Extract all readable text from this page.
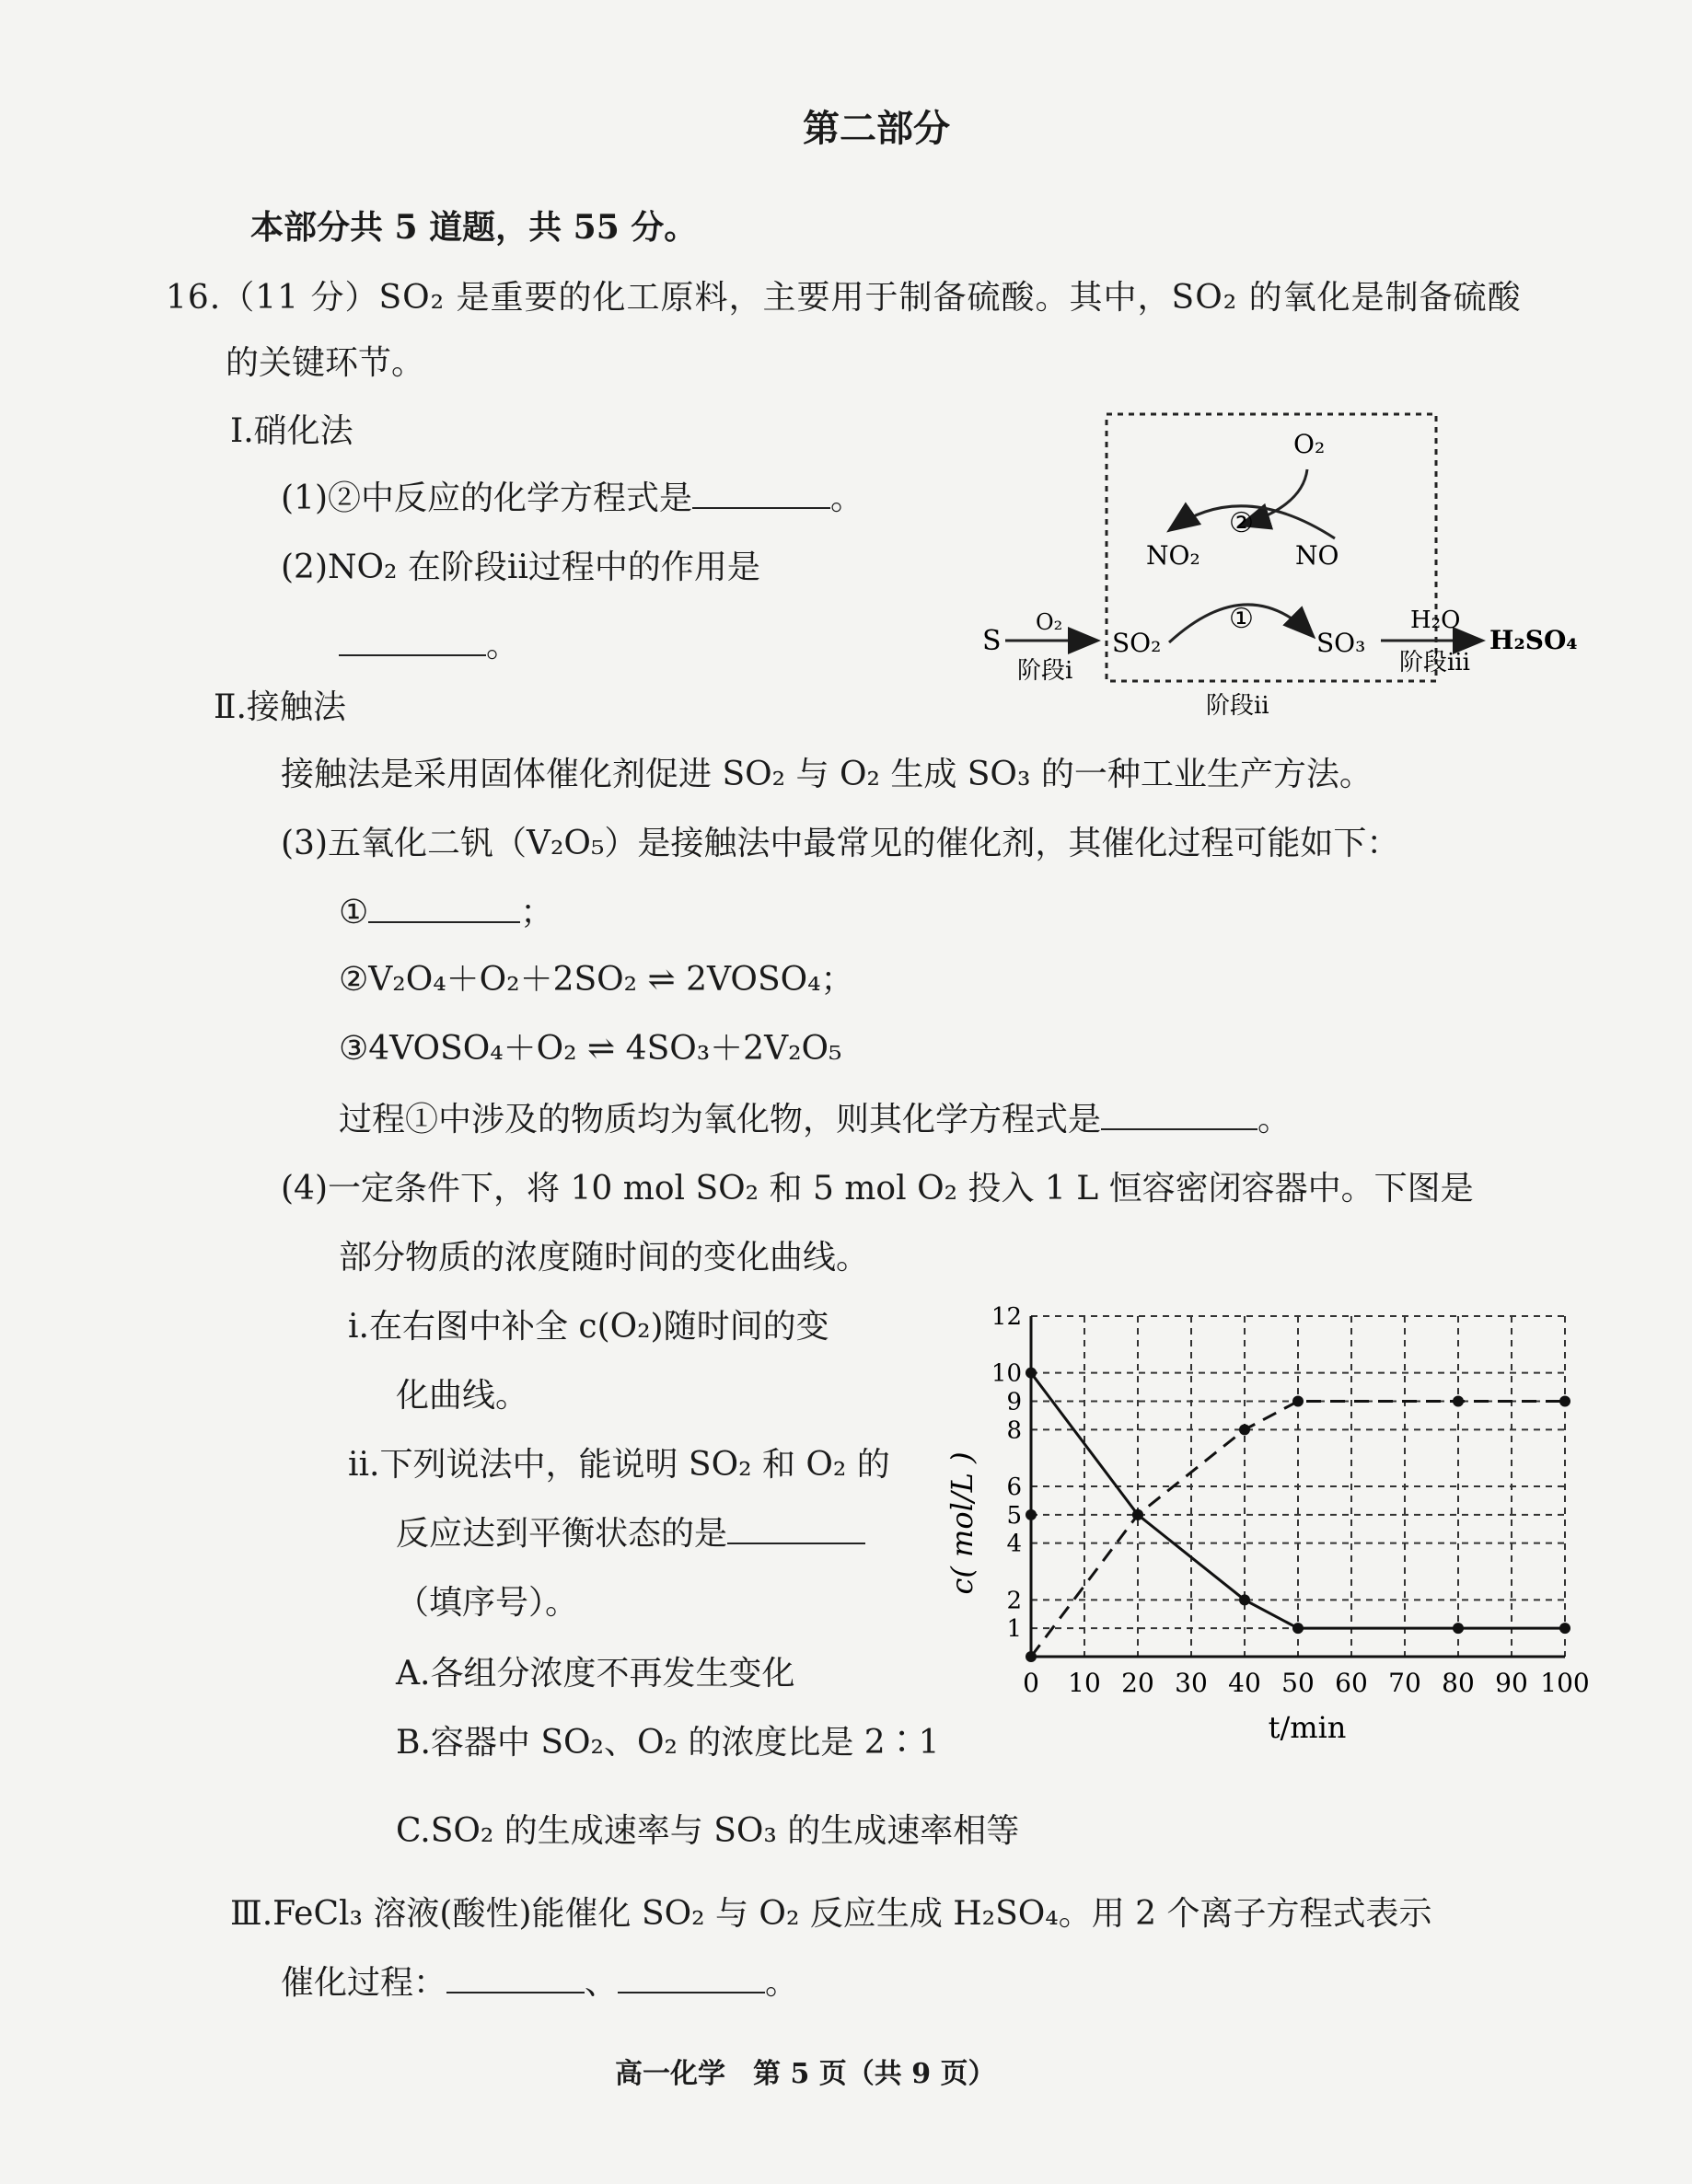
第二部分
本部分共 5 道题，共 55 分。
16.（11 分）SO₂ 是重要的化工原料，主要用于制备硫酸。其中，SO₂ 的氧化是制备硫酸
的关键环节。
Ⅰ.硝化法
(1)②中反应的化学方程式是	。
(2)NO₂ 在阶段ⅱ过程中的作用是
。
O₂
②
NO₂	NO
①
S
O₂
阶段ⅰ
SO₂	SO₃
H₂O
阶段ⅲ
H₂SO₄
阶段ⅱ
Ⅱ.接触法
接触法是采用固体催化剂促进 SO₂ 与 O₂ 生成 SO₃ 的一种工业生产方法。
(3)五氧化二钒（V₂O₅）是接触法中最常见的催化剂，其催化过程可能如下：
①	；
②V₂O₄＋O₂＋2SO₂ ⇌ 2VOSO₄；
③4VOSO₄＋O₂ ⇌ 4SO₃＋2V₂O₅
过程①中涉及的物质均为氧化物，则其化学方程式是	。
(4)一定条件下，将 10 mol SO₂ 和 5 mol O₂ 投入 1 L 恒容密闭容器中。下图是
部分物质的浓度随时间的变化曲线。
ⅰ.在右图中补全 c(O₂)随时间的变
化曲线。
ⅱ.下列说法中，能说明 SO₂ 和 O₂ 的
反应达到平衡状态的是
（填序号）。
A.各组分浓度不再发生变化
B.容器中 SO₂、O₂ 的浓度比是 2∶1
C.SO₂ 的生成速率与 SO₃ 的生成速率相等
0 10 20 30 40 50 60 70 80 90 100
1
2
4
5
6
8
9
10
12
c( mol/L )
t/min
Ⅲ.FeCl₃ 溶液(酸性)能催化 SO₂ 与 O₂ 反应生成 H₂SO₄。用 2 个离子方程式表示
催化过程：	、	。
高一化学　第 5 页（共 9 页）
